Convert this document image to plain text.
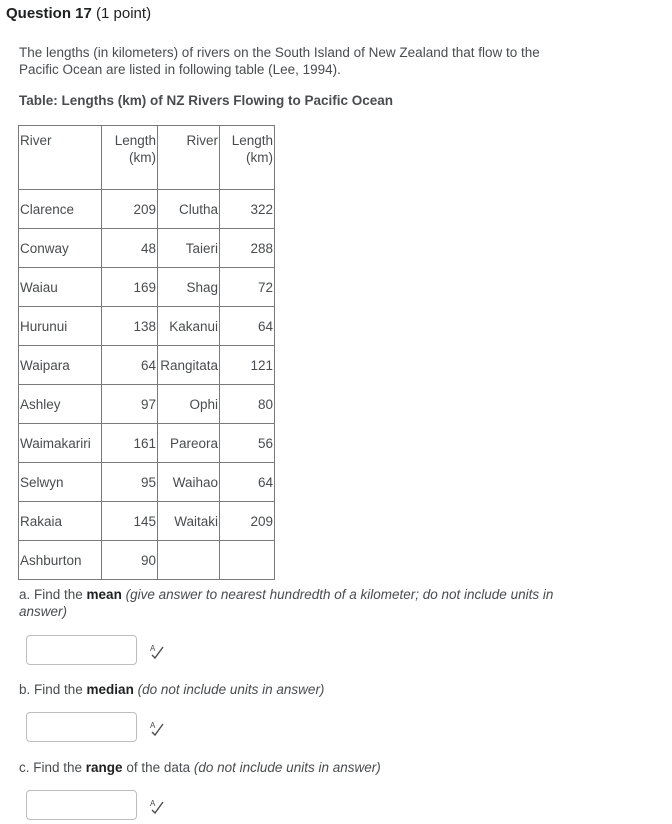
Question 17 (1 point)
The lengths (in kilometers) of rivers on the South Island of New Zealand that flow to the Pacific Ocean are listed in following table (Lee, 1994).
Table: Lengths (km) of NZ Rivers Flowing to Pacific Ocean
River	Length (km)	River	Length (km)
Clarence	209	Clutha	322
Conway	48	Taieri	288
Waiau	169	Shag	72
Hurunui	138	Kakanui	64
Waipara	64	Rangitata	121
Ashley	97	Ophi	80
Waimakariri	161	Pareora	56
Selwyn	95	Waihao	64
Rakaia	145	Waitaki	209
Ashburton	90		
a. Find the mean (give answer to nearest hundredth of a kilometer; do not include units in answer)
A
b. Find the median (do not include units in answer)
A
c. Find the range of the data (do not include units in answer)
A
